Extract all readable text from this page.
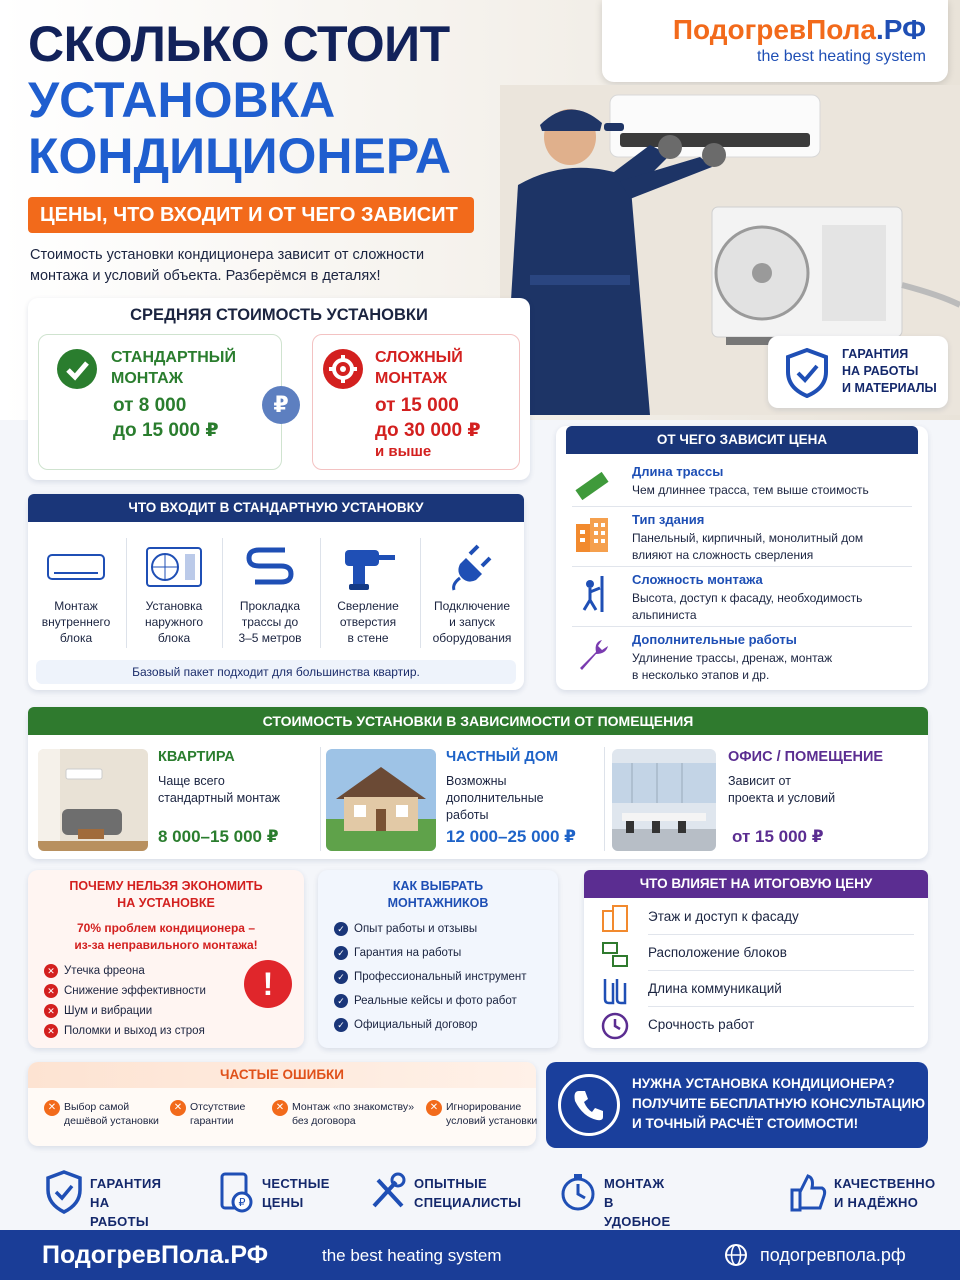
СКОЛЬКО СТОИТ
УСТАНОВКА
КОНДИЦИОНЕРА
ЦЕНЫ, ЧТО ВХОДИТ И ОТ ЧЕГО ЗАВИСИТ
Стоимость установки кондиционера зависит от сложности
монтажа и условий объекта. Разберёмся в деталях!
ПодогревПола.РФ
the best heating system
ГАРАНТИЯ
НА РАБОТЫ
И МАТЕРИАЛЫ
СРЕДНЯЯ СТОИМОСТЬ УСТАНОВКИ
СТАНДАРТНЫЙ
МОНТАЖ
от 8 000
до 15 000 ₽
₽
СЛОЖНЫЙ
МОНТАЖ
от 15 000
до 30 000 ₽
и выше
ЧТО ВХОДИТ В СТАНДАРТНУЮ УСТАНОВКУ
Монтаж
внутреннего
блока
Установка
наружного
блока
Прокладка
трассы до
3–5 метров
Сверление
отверстия
в стене
Подключение
и запуск
оборудования
Базовый пакет подходит для большинства квартир.
ОТ ЧЕГО ЗАВИСИТ ЦЕНА
Длина трассы
Чем длиннее трасса, тем выше стоимость
Тип здания
Панельный, кирпичный, монолитный дом
влияют на сложность сверления
Сложность монтажа
Высота, доступ к фасаду, необходимость
альпиниста
Дополнительные работы
Удлинение трассы, дренаж, монтаж
в несколько этапов и др.
СТОИМОСТЬ УСТАНОВКИ В ЗАВИСИМОСТИ ОТ ПОМЕЩЕНИЯ
КВАРТИРА
Чаще всего
стандартный монтаж
8 000–15 000 ₽
ЧАСТНЫЙ ДОМ
Возможны
дополнительные
работы
12 000–25 000 ₽
ОФИС / ПОМЕЩЕНИЕ
Зависит от
проекта и условий
от 15 000 ₽
ПОЧЕМУ НЕЛЬЗЯ ЭКОНОМИТЬ
НА УСТАНОВКЕ
70% проблем кондиционера –
из-за неправильного монтажа!
✕ Утечка фреона
✕ Снижение эффективности
✕ Шум и вибрации
✕ Поломки и выход из строя
!
КАК ВЫБРАТЬ
МОНТАЖНИКОВ
✓ Опыт работы и отзывы
✓ Гарантия на работы
✓ Профессиональный инструмент
✓ Реальные кейсы и фото работ
✓ Официальный договор
ЧТО ВЛИЯЕТ НА ИТОГОВУЮ ЦЕНУ
Этаж и доступ к фасаду
Расположение блоков
Длина коммуникаций
Срочность работ
ЧАСТЫЕ ОШИБКИ
✕ Выбор самой
дешёвой установки
✕ Отсутствие
гарантии
✕ Монтаж «по знакомству»
без договора
✕ Игнорирование
условий установки
НУЖНА УСТАНОВКА КОНДИЦИОНЕРА?
ПОЛУЧИТЕ БЕСПЛАТНУЮ КОНСУЛЬТАЦИЮ
И ТОЧНЫЙ РАСЧЁТ СТОИМОСТИ!
ГАРАНТИЯ
НА РАБОТЫ
₽
ЧЕСТНЫЕ
ЦЕНЫ
ОПЫТНЫЕ
СПЕЦИАЛИСТЫ
МОНТАЖ В УДОБНОЕ
КАЧЕСТВЕННО
И НАДЁЖНО
ПодогревПола.РФ	the best heating system	подогревпола.рф
